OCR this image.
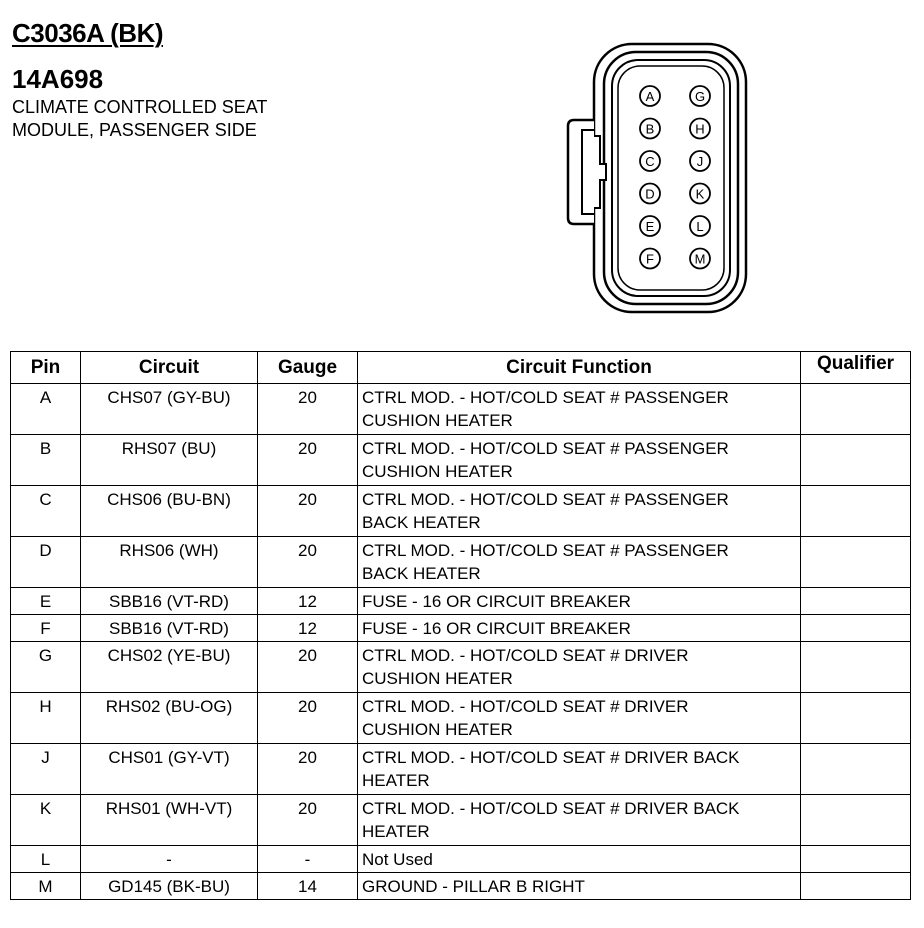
C3036A (BK)
14A698
CLIMATE CONTROLLED SEAT
MODULE, PASSENGER SIDE
A
B
C
D
E
F
G
H
J
K
L
M
Pin	Circuit	Gauge	Circuit Function	Qualifier
A	CHS07 (GY-BU)	20	CTRL MOD. - HOT/COLD SEAT # PASSENGER
CUSHION HEATER	

B	RHS07 (BU)	20	CTRL MOD. - HOT/COLD SEAT # PASSENGER
CUSHION HEATER	

C	CHS06 (BU-BN)	20	CTRL MOD. - HOT/COLD SEAT # PASSENGER
BACK HEATER	

D	RHS06 (WH)	20	CTRL MOD. - HOT/COLD SEAT # PASSENGER
BACK HEATER	

E	SBB16 (VT-RD)	12	FUSE - 16 OR CIRCUIT BREAKER	

F	SBB16 (VT-RD)	12	FUSE - 16 OR CIRCUIT BREAKER	

G	CHS02 (YE-BU)	20	CTRL MOD. - HOT/COLD SEAT # DRIVER
CUSHION HEATER	

H	RHS02 (BU-OG)	20	CTRL MOD. - HOT/COLD SEAT # DRIVER
CUSHION HEATER	

J	CHS01 (GY-VT)	20	CTRL MOD. - HOT/COLD SEAT # DRIVER BACK
HEATER	

K	RHS01 (WH-VT)	20	CTRL MOD. - HOT/COLD SEAT # DRIVER BACK
HEATER	

L	-	-	Not Used	

M	GD145 (BK-BU)	14	GROUND - PILLAR B RIGHT	
